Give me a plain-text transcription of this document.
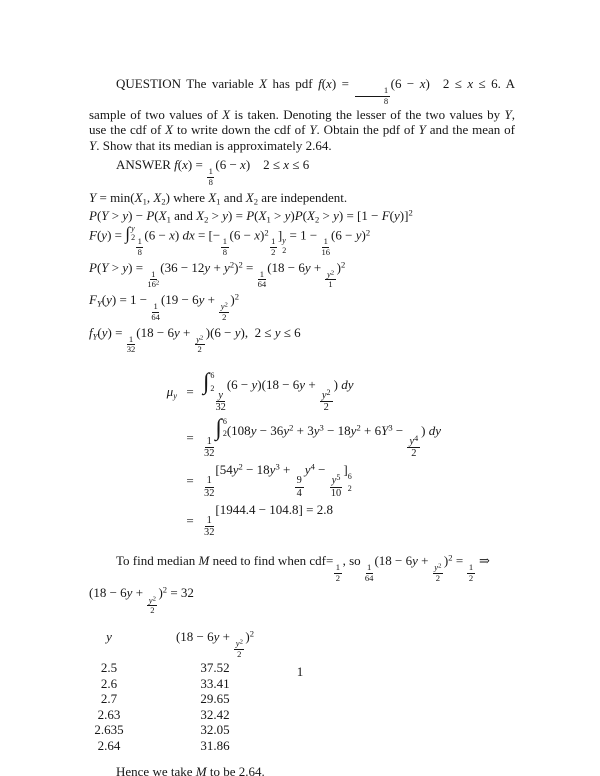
QUESTION The variable X has pdf f(x) =
$\frac{1}{8}$
(6 − x)  2 ≤ x ≤ 6. A sample of two values of X is taken. Denoting the lesser of the two values by Y, use the cdf of X to write down the cdf of Y. Obtain the pdf of Y and the mean of Y. Show that its median is approximately 2.64.

ANSWER f(x) =
$\frac{1}{8}$
(6 − x)  2 ≤ x ≤ 6
$Y = \min(X_1$, $X_2$) where $X_1$ and $X_2$ are independent.
$P(Y > y) - P(X_1$ and $X_2 > y) = P(X_1 > y)P(X_2 > y) = [1 - F(y)]^2$
F(y) = ∫ y
$2 \frac{1}{8}$
(6 − x) dx = [−
$\frac{1}{8}$
$(6 - x)^2$
$\frac{1}{2}$
] y
2
= 1 −
$\frac{1}{16}$
$(6 - y)^2$
P(Y > y) =
$\frac{1}{16^2}$
$(36 - 12y + y^2)^2$ =
$\frac{1}{64}$
(18 − 6y +
$\frac{y^2}{1}$
)$^2$
$F_Y(y) = 1$ −
$\frac{1}{64}$
(19 − 6y +
$\frac{y^2}{2}$
)$^2$
$f_Y(y)$ =
$\frac{1}{32}$
(18 − 6y +
$\frac{y^2}{2}$
)(6 − y), 2 ≤ y ≤ 6
$\mu_y$ = ∫ 6
2
$\frac{y}{32}$
(6 − y)(18 − 6y +
$\frac{y^2}{2}$
) dy
= $\frac{1}{32}$
∫ 6
2 ($108y - 36y^2 + 3y^3 - 18y^2 + 6Y^3$ −
$\frac{y^4}{2}$
) dy
= $\frac{1}{32}$
[$54y^2 - 18y^3$ +
$\frac{9}{4}$
$y^4$ −
$\frac{y^5}{10}$
] 6
2
= $\frac{1}{32}$
[1944.4 − 104.8] = 2.8
To find median M need to find when cdf=
$\frac{1}{2}$
, so
$\frac{1}{64}$
(18 − 6y +
$\frac{y^2}{2}$
)$^2$ =
$\frac{1}{2}$
⇒
(18 − 6y +
$\frac{y^2}{2}$
)$^2$ = 32
y	(18 − 6y +
$\frac{y^2}{2}$
)$^2$
2.5	37.52
2.6	33.41
2.7	29.65
2.63	32.42
2.635	32.05
2.64	31.86

Hence we take M to be 2.64.

1
